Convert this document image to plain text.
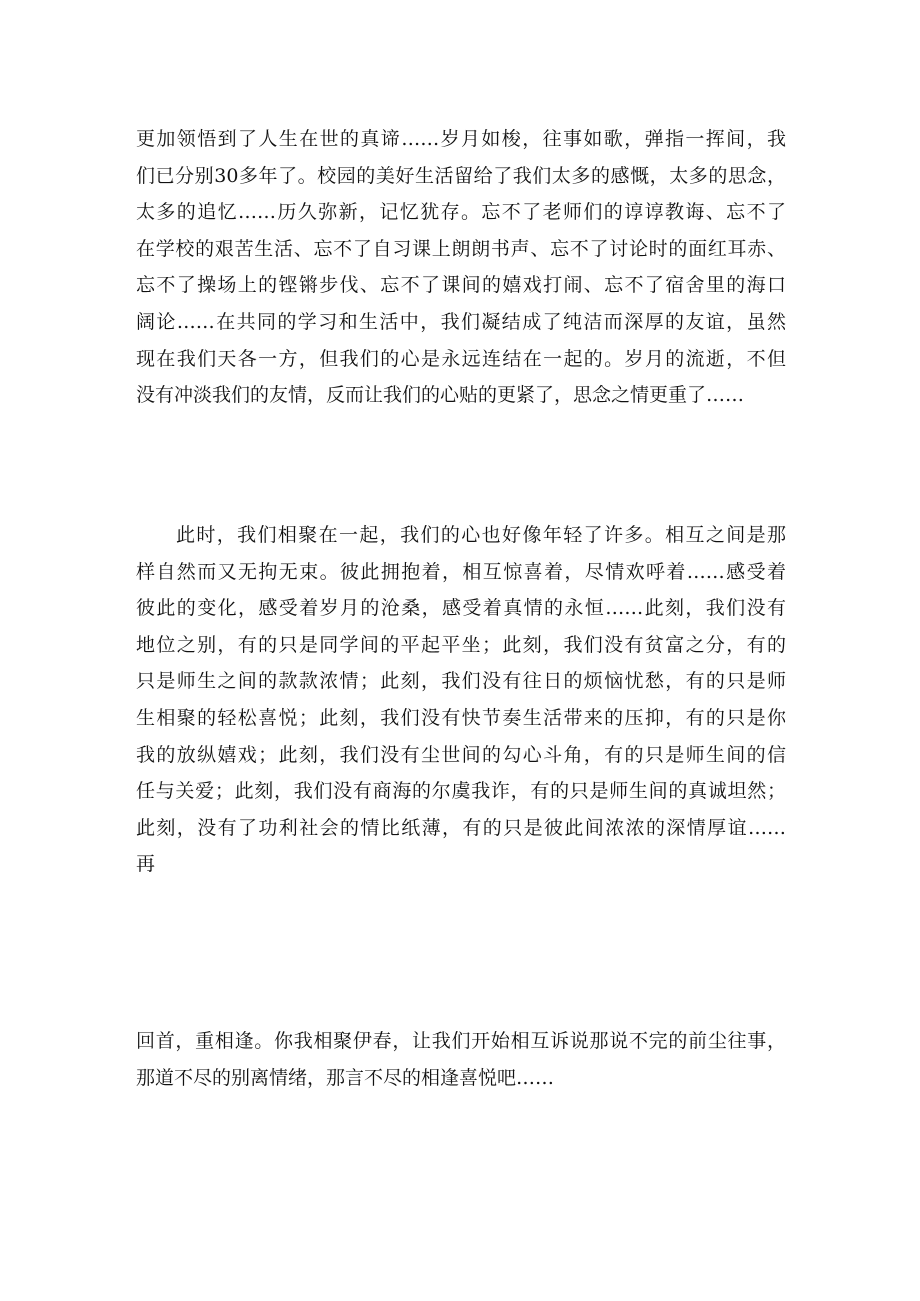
更加领悟到了人生在世的真谛……岁月如梭，往事如歌，弹指一挥间，我
们已分别30多年了。校园的美好生活留给了我们太多的感慨，太多的思念，
太多的追忆……历久弥新，记忆犹存。忘不了老师们的谆谆教诲、忘不了
在学校的艰苦生活、忘不了自习课上朗朗书声、忘不了讨论时的面红耳赤、
忘不了操场上的铿锵步伐、忘不了课间的嬉戏打闹、忘不了宿舍里的海口
阔论……在共同的学习和生活中，我们凝结成了纯洁而深厚的友谊，虽然
现在我们天各一方，但我们的心是永远连结在一起的。岁月的流逝，不但
没有冲淡我们的友情，反而让我们的心贴的更紧了，思念之情更重了……

此时，我们相聚在一起，我们的心也好像年轻了许多。相互之间是那
样自然而又无拘无束。彼此拥抱着，相互惊喜着，尽情欢呼着……感受着
彼此的变化，感受着岁月的沧桑，感受着真情的永恒……此刻，我们没有
地位之别，有的只是同学间的平起平坐；此刻，我们没有贫富之分，有的
只是师生之间的款款浓情；此刻，我们没有往日的烦恼忧愁，有的只是师
生相聚的轻松喜悦；此刻，我们没有快节奏生活带来的压抑，有的只是你
我的放纵嬉戏；此刻，我们没有尘世间的勾心斗角，有的只是师生间的信
任与关爱；此刻，我们没有商海的尔虞我诈，有的只是师生间的真诚坦然；
此刻，没有了功利社会的情比纸薄，有的只是彼此间浓浓的深情厚谊……
再

回首，重相逢。你我相聚伊春，让我们开始相互诉说那说不完的前尘往事，
那道不尽的别离情绪，那言不尽的相逢喜悦吧……
